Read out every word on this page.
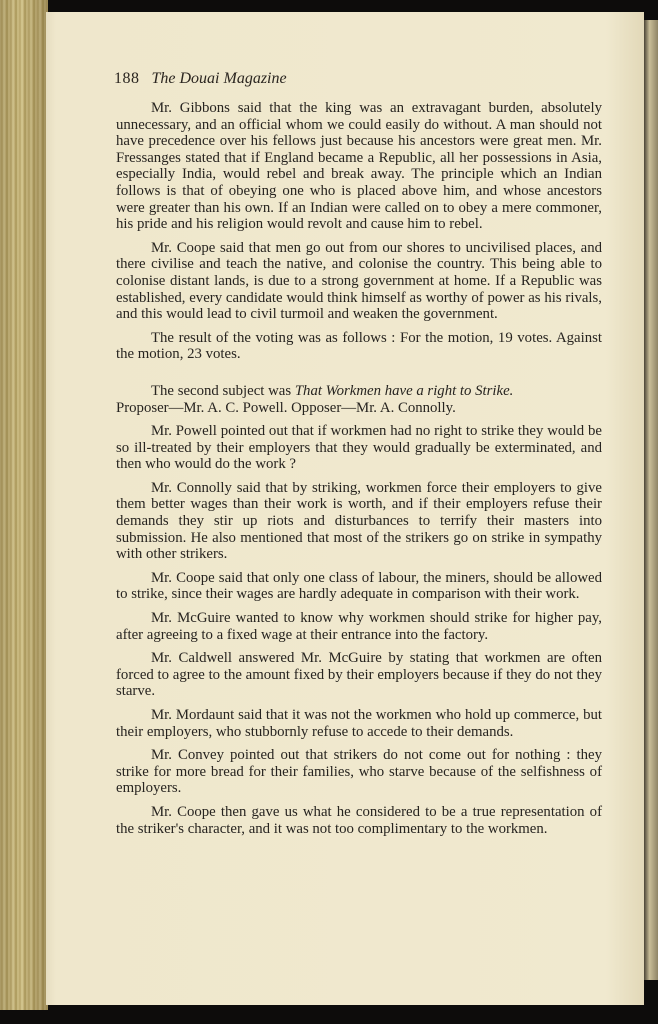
188 The Douai Magazine

Mr. Gibbons said that the king was an extravagant burden, absolutely unnecessary, and an official whom we could easily do without. A man should not have precedence over his fellows just because his ancestors were great men. Mr. Fressanges stated that if England became a Republic, all her possessions in Asia, especially India, would rebel and break away. The principle which an Indian follows is that of obeying one who is placed above him, and whose ancestors were greater than his own. If an Indian were called on to obey a mere commoner, his pride and his religion would revolt and cause him to rebel.

Mr. Coope said that men go out from our shores to uncivilised places, and there civilise and teach the native, and colonise the country. This being able to colonise distant lands, is due to a strong government at home. If a Republic was established, every candidate would think himself as worthy of power as his rivals, and this would lead to civil turmoil and weaken the government.

The result of the voting was as follows : For the motion, 19 votes. Against the motion, 23 votes.

The second subject was That Workmen have a right to Strike.

Proposer—Mr. A. C. Powell. Opposer—Mr. A. Connolly.

Mr. Powell pointed out that if workmen had no right to strike they would be so ill-treated by their employers that they would gradually be exterminated, and then who would do the work ?

Mr. Connolly said that by striking, workmen force their employers to give them better wages than their work is worth, and if their employers refuse their demands they stir up riots and disturbances to terrify their masters into submission. He also mentioned that most of the strikers go on strike in sympathy with other strikers.

Mr. Coope said that only one class of labour, the miners, should be allowed to strike, since their wages are hardly adequate in comparison with their work.

Mr. McGuire wanted to know why workmen should strike for higher pay, after agreeing to a fixed wage at their entrance into the factory.

Mr. Caldwell answered Mr. McGuire by stating that workmen are often forced to agree to the amount fixed by their employers because if they do not they starve.

Mr. Mordaunt said that it was not the workmen who hold up commerce, but their employers, who stubbornly refuse to accede to their demands.

Mr. Convey pointed out that strikers do not come out for nothing : they strike for more bread for their families, who starve because of the selfishness of employers.

Mr. Coope then gave us what he considered to be a true representation of the striker's character, and it was not too complimentary to the workmen.
